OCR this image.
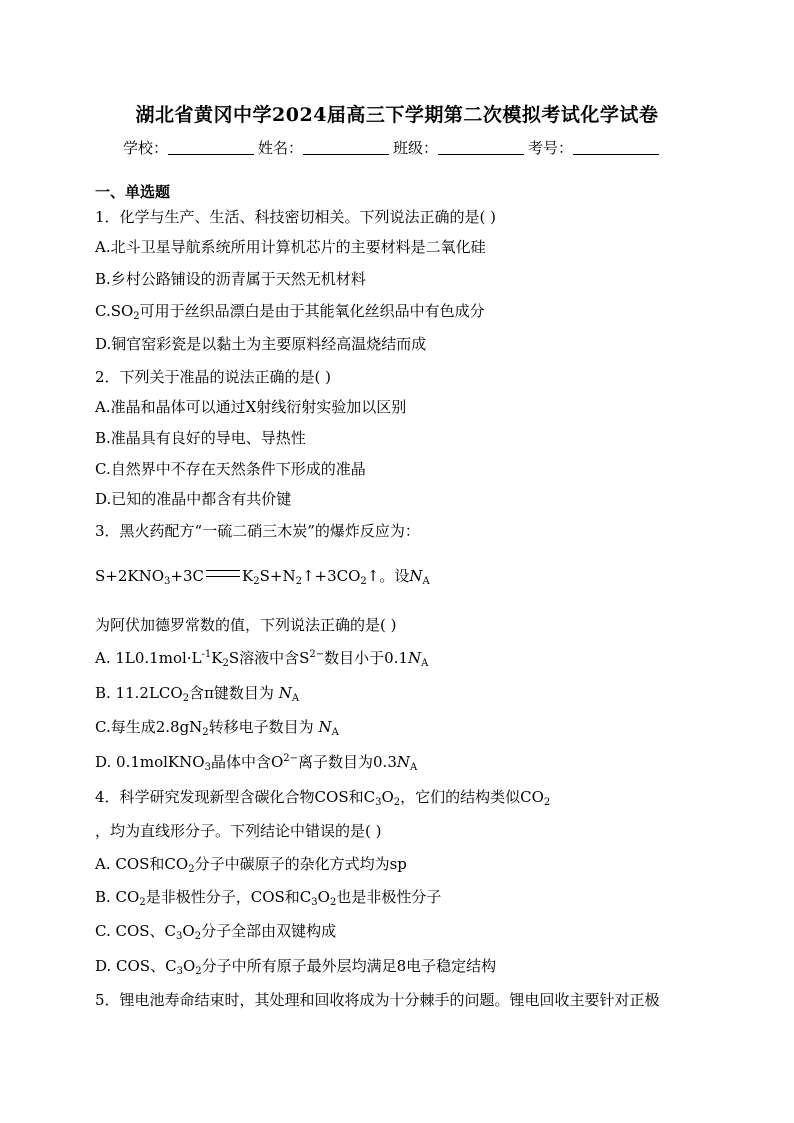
湖北省黄冈中学2024届高三下学期第二次模拟考试化学试卷
学校：	姓名：	班级：	考号：
一、单选题
1．化学与生产、生活、科技密切相关。下列说法正确的是( )
A.北斗卫星导航系统所用计算机芯片的主要材料是二氧化硅
B.乡村公路铺设的沥青属于天然无机材料
$C.SO_2$可用于丝织品漂白是由于其能氧化丝织品中有色成分
D.铜官窑彩瓷是以黏土为主要原料经高温烧结而成
2．下列关于准晶的说法正确的是( )
A.准晶和晶体可以通过X射线衍射实验加以区别
B.准晶具有良好的导电、导热性
C.自然界中不存在天然条件下形成的准晶
D.已知的准晶中都含有共价键
3．黑火药配方“一硫二硝三木炭”的爆炸反应为：
$S+2KNO_3+3C$	$K_2S+N_2↑+3CO_2↑$。设$N_A$
为阿伏加德罗常数的值，下列说法正确的是( )
A. $1L0.1mol\cdot L^{-1}K_2S$溶液中含$S^{2-}$数目小于$0.1N_A$
B. $11.2LCO_2$含π键数目为 $N_A$
C.每生成$2.8gN_2$转移电子数目为 $N_A$
D. 0.1molKNO$_3$晶体中含$O^{2-}$离子数目为$0.3N_A$
4．科学研究发现新型含碳化合物COS和$C_3O_2$，它们的结构类似$CO_2$
，均为直线形分子。下列结论中错误的是( )
A. COS和$CO_2$分子中碳原子的杂化方式均为sp
B. $CO_2$是非极性分子，COS和$C_3O_2$也是非极性分子
C. COS、$C_3O_2$分子全部由双键构成
D. COS、$C_3O_2$分子中所有原子最外层均满足8电子稳定结构
5．锂电池寿命结束时，其处理和回收将成为十分棘手的问题。锂电回收主要针对正极
